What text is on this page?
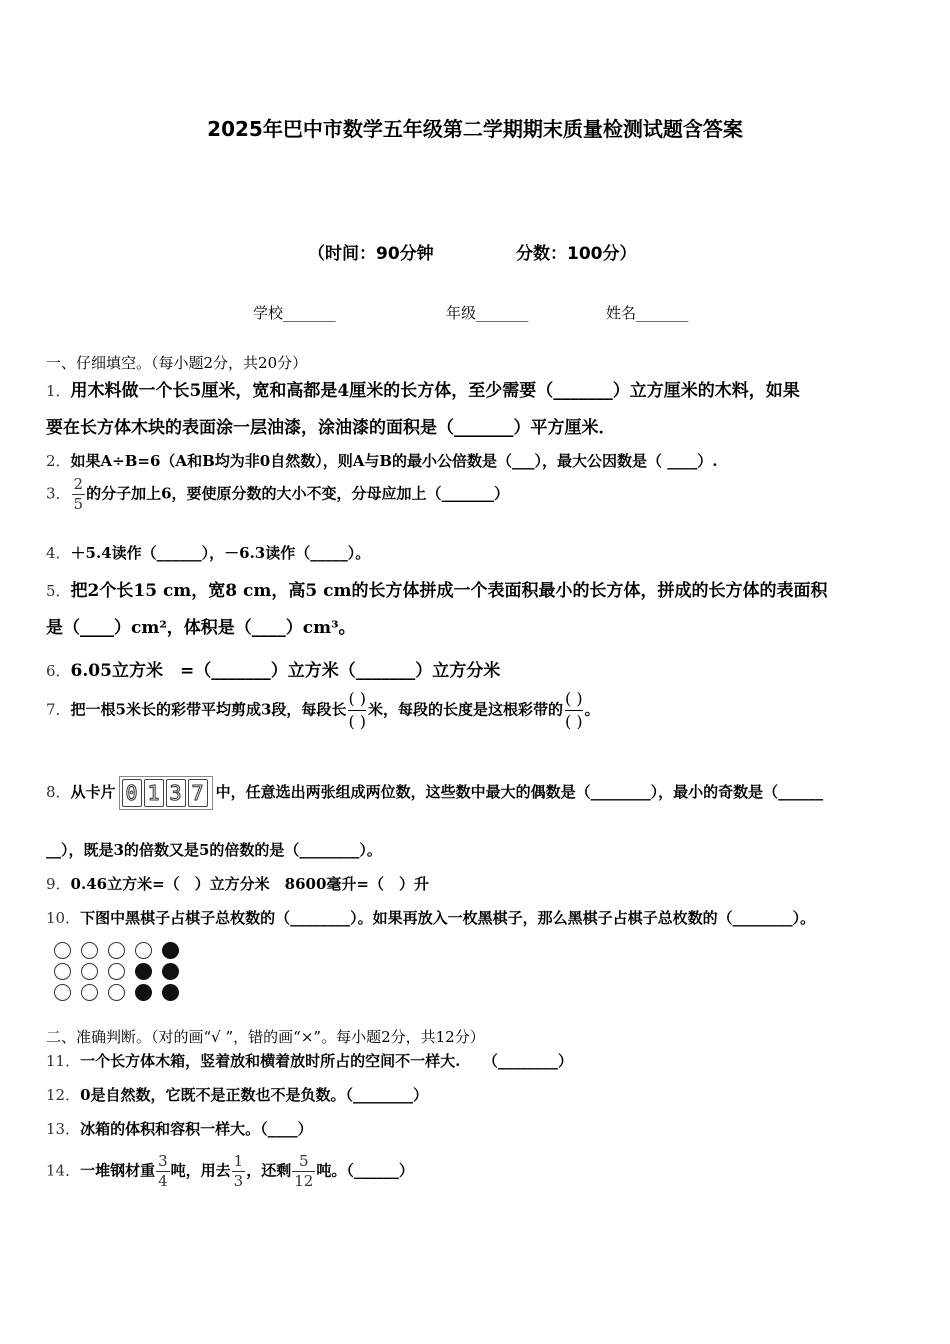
2025年巴中市数学五年级第二学期期末质量检测试题含答案
（时间：90分钟	分数：100分）
学校_______	年级_______	姓名_______
一、仔细填空。（每小题2分，共20分）
1．用木料做一个长5厘米，宽和高都是4厘米的长方体，至少需要（_______）立方厘米的木料，如果
要在长方体木块的表面涂一层油漆，涂油漆的面积是（_______）平方厘米．
2．如果A÷B=6（A和B均为非0自然数），则A与B的最小公倍数是（___），最大公因数是（ ____）.
3． $\frac{2}{5}$ 的分子加上6，要使原分数的大小不变，分母应加上（_______）
4．＋5.4读作（______），－6.3读作（_____）。
5．把2个长15 cm，宽8 cm，高5 cm的长方体拼成一个表面积最小的长方体，拼成的长方体的表面积
是（____）cm²，体积是（____）cm³。
6．6.05立方米　=（_______）立方米（_______）立方分米
7．把一根5米长的彩带平均剪成3段，每段长
( )
( )
米，每段的长度是这根彩带的
( )
( )
。
8．从卡片 0 1 3 7 中，任意选出两张组成两位数，这些数中最大的偶数是（________），最小的奇数是（______
__），既是3的倍数又是5的倍数的是（________）。
9．0.46立方米=（　）立方分米　8600毫升=（　）升
10．下图中黑棋子占棋子总枚数的（________）。如果再放入一枚黑棋子，那么黑棋子占棋子总枚数的（________）。
二、准确判断。（对的画“√ ”，错的画“×”。每小题2分，共12分）
11．一个长方体木箱，竖着放和横着放时所占的空间不一样大.　　（________）
12．0是自然数，它既不是正数也不是负数。（________）
13．冰箱的体积和容积一样大。（____）
14．一堆钢材重 $\frac{3}{4}$ 吨，用去 $\frac{1}{3}$ ，还剩 $\frac{5}{12}$ 吨。（______）
